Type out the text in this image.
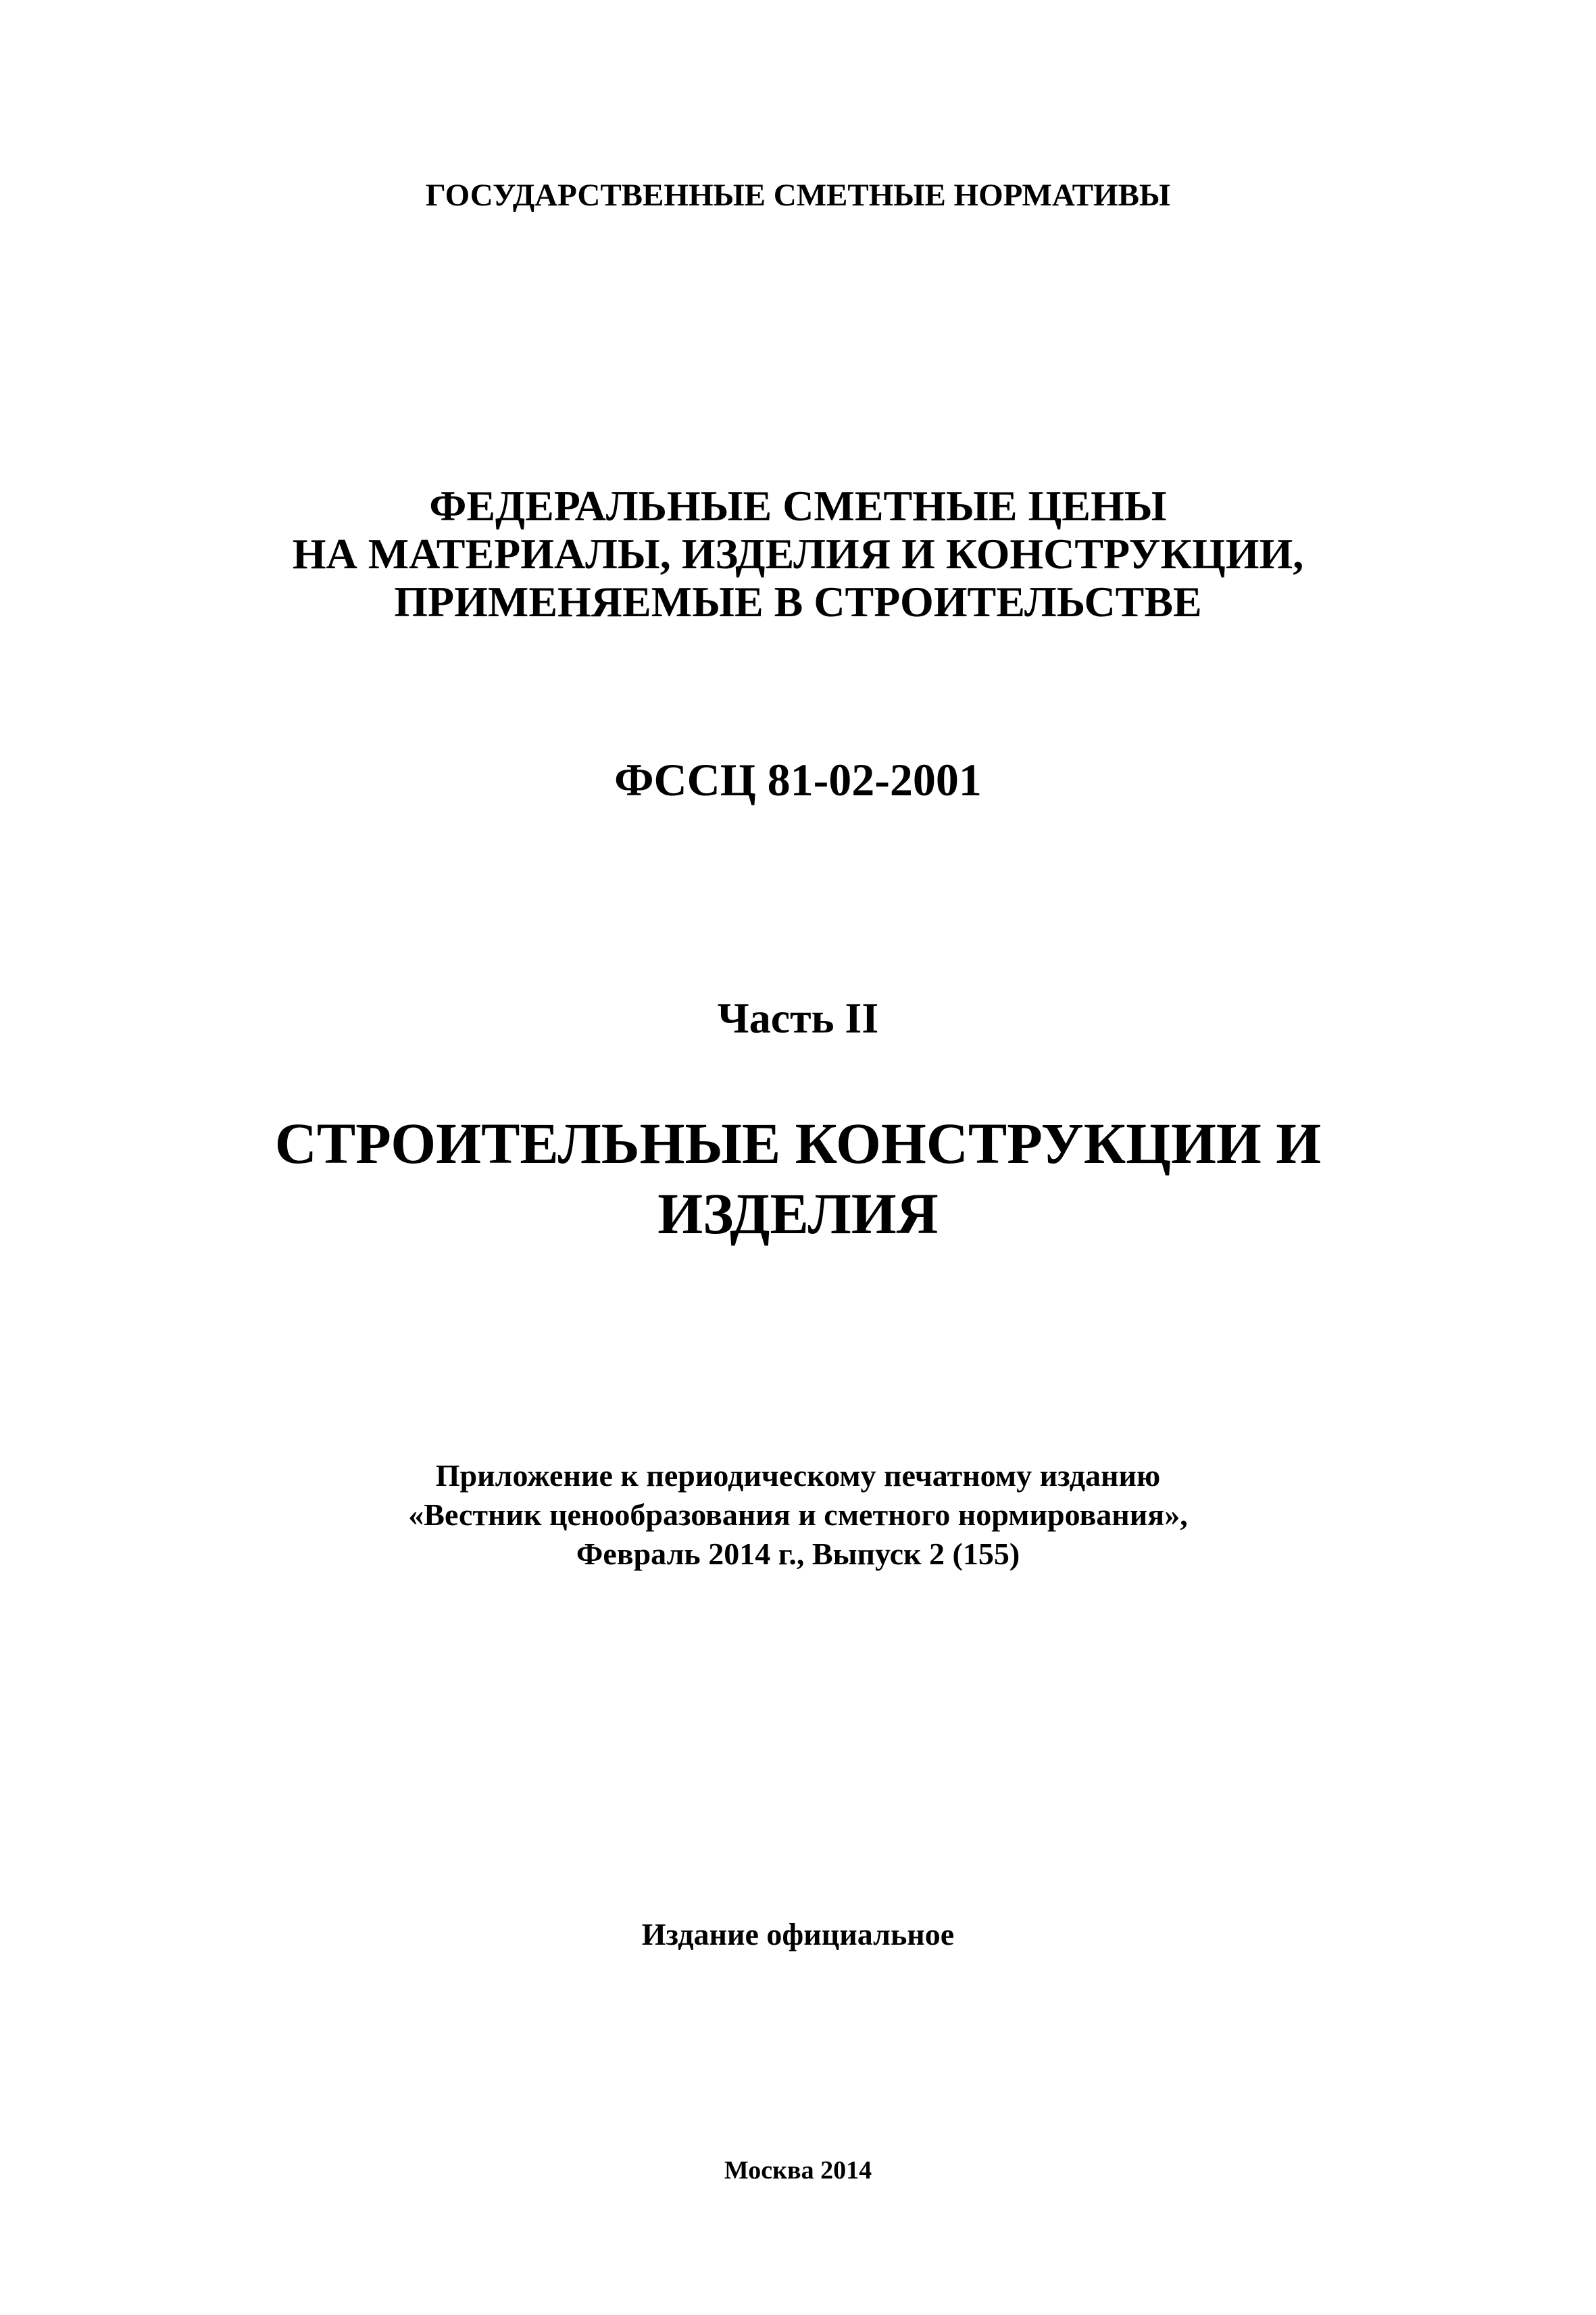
ГОСУДАРСТВЕННЫЕ СМЕТНЫЕ НОРМАТИВЫ
ФЕДЕРАЛЬНЫЕ СМЕТНЫЕ ЦЕНЫ
НА МАТЕРИАЛЫ, ИЗДЕЛИЯ И КОНСТРУКЦИИ,
ПРИМЕНЯЕМЫЕ В СТРОИТЕЛЬСТВЕ
ФССЦ 81-02-2001
Часть II
СТРОИТЕЛЬНЫЕ КОНСТРУКЦИИ И
ИЗДЕЛИЯ
Приложение к периодическому печатному изданию
«Вестник ценообразования и сметного нормирования»,
Февраль 2014 г., Выпуск 2 (155)
Издание официальное
Москва 2014
